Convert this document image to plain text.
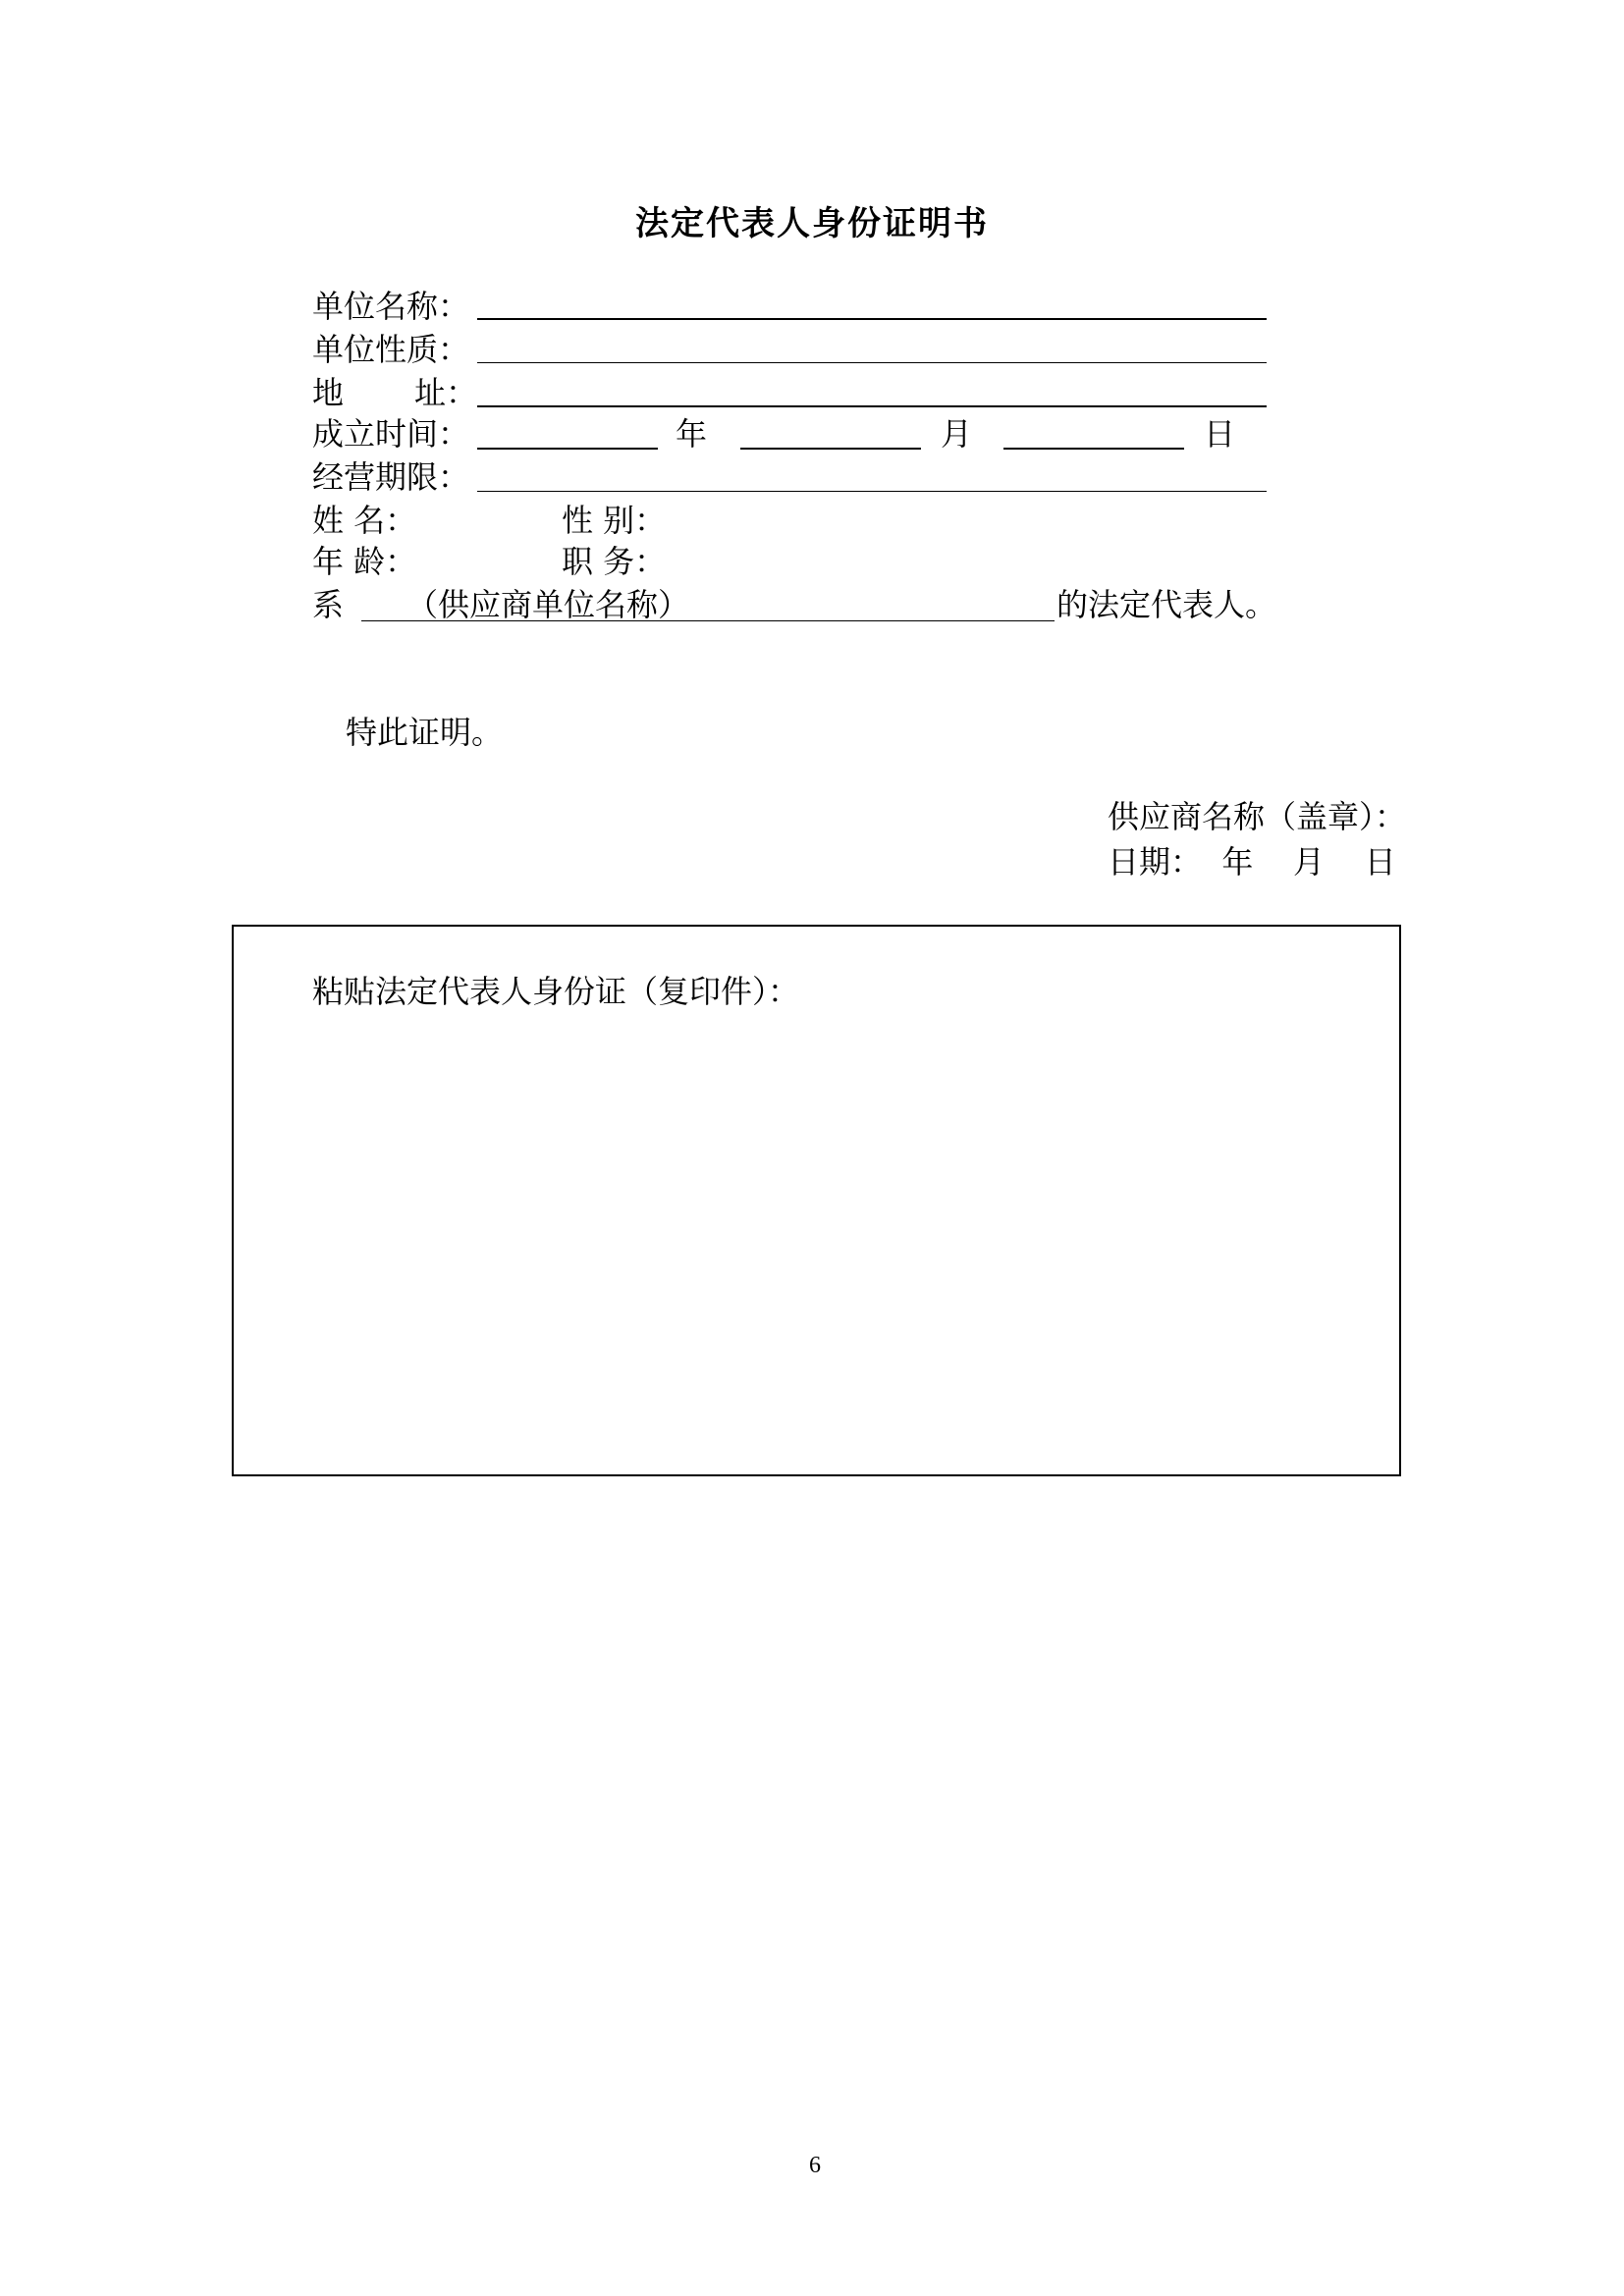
法定代表人身份证明书
单位名称：
单位性质：
地 址：
成立时间：	年	月	日
经营期限：
姓 名：	性 别：
年 龄：	职 务：
系 （供应商单位名称）	的法定代表人。
特此证明。
供应商名称（盖章）：
日期：  年    月    日
粘贴法定代表人身份证（复印件）：
6
